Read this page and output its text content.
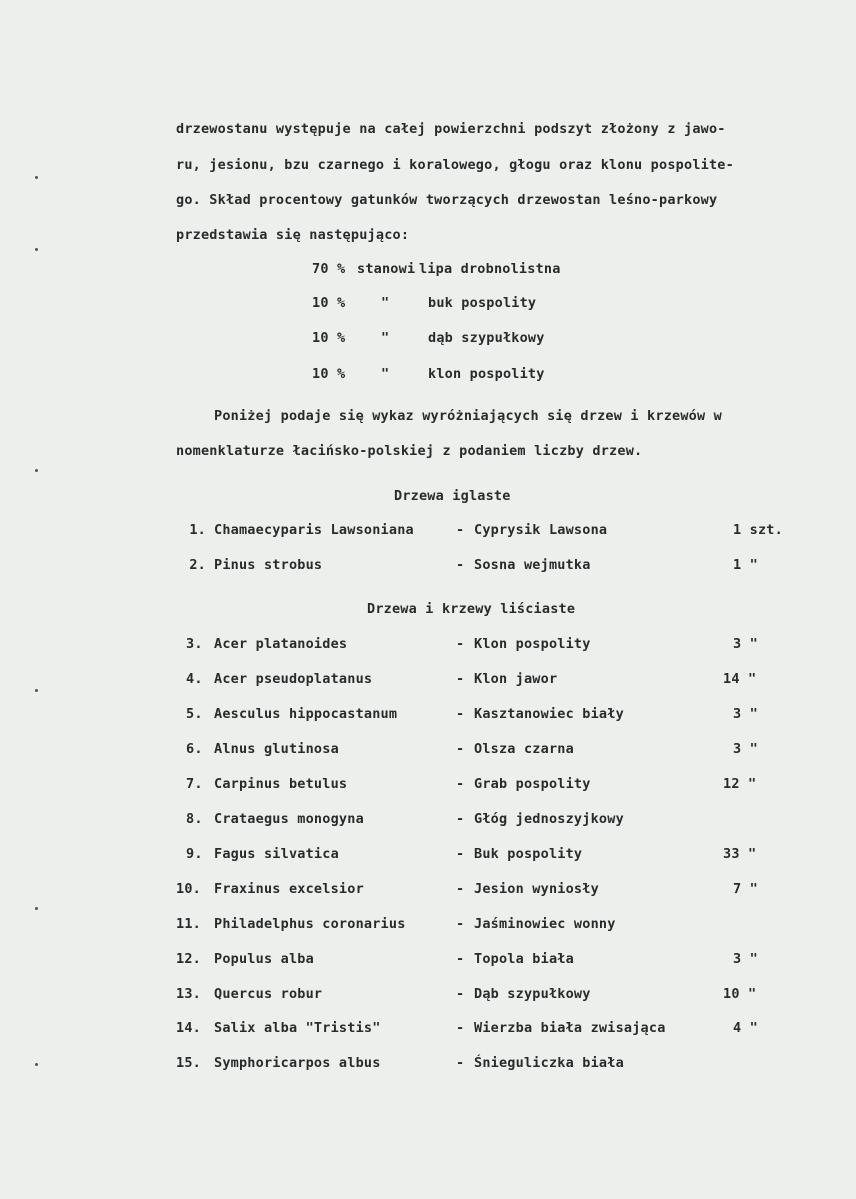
drzewostanu występuje na całej powierzchni podszyt złożony z jawo-
ru, jesionu, bzu czarnego i koralowego, głogu oraz klonu pospolite-
go. Skład procentowy gatunków tworzących drzewostan leśno-parkowy
przedstawia się następująco:
70 % stanowi lipa drobnolistna
10 %	"	buk pospolity
10 %	"	dąb szypułkowy
10 %	"	klon pospolity
Poniżej podaje się wykaz wyróżniających się drzew i krzewów w
nomenklaturze łacińsko-polskiej z podaniem liczby drzew.
Drzewa iglaste
1. Chamaecyparis Lawsoniana	- Cyprysik Lawsona	1 szt.
2. Pinus strobus	- Sosna wejmutka	1 "
Drzewa i krzewy liściaste
3. Acer platanoides	- Klon pospolity	3 "
4. Acer pseudoplatanus	- Klon jawor	14 "
5. Aesculus hippocastanum	- Kasztanowiec biały	3 "
6. Alnus glutinosa	- Olsza czarna	3 "
7. Carpinus betulus	- Grab pospolity	12 "
8. Crataegus monogyna	- Głóg jednoszyjkowy
9. Fagus silvatica	- Buk pospolity	33 "
10. Fraxinus excelsior	- Jesion wyniosły	7 "
11. Philadelphus coronarius	- Jaśminowiec wonny
12. Populus alba	- Topola biała	3 "
13. Quercus robur	- Dąb szypułkowy	10 "
14. Salix alba "Tristis"	- Wierzba biała zwisająca	4 "
15. Symphoricarpos albus	- Śnieguliczka biała
